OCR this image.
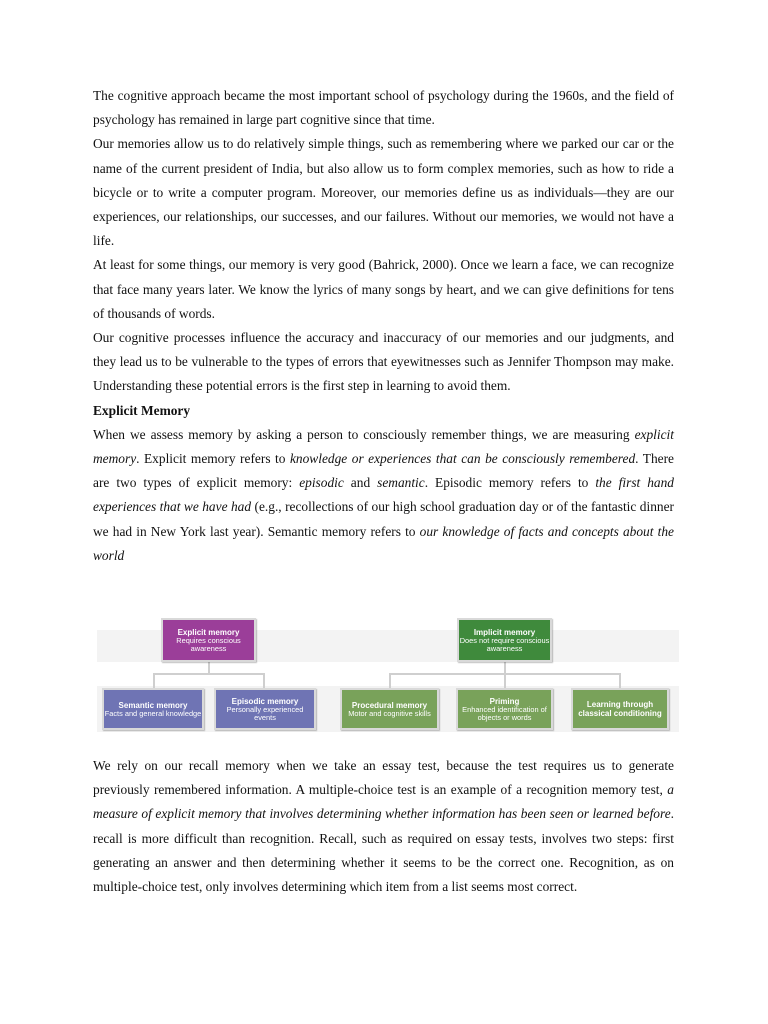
The cognitive approach became the most important school of psychology during the 1960s, and the field of psychology has remained in large part cognitive since that time.

Our memories allow us to do relatively simple things, such as remembering where we parked our car or the name of the current president of India, but also allow us to form complex memories, such as how to ride a bicycle or to write a computer program. Moreover, our memories define us as individuals—they are our experiences, our relationships, our successes, and our failures. Without our memories, we would not have a life.

At least for some things, our memory is very good (Bahrick, 2000). Once we learn a face, we can recognize that face many years later. We know the lyrics of many songs by heart, and we can give definitions for tens of thousands of words.

Our cognitive processes influence the accuracy and inaccuracy of our memories and our judgments, and they lead us to be vulnerable to the types of errors that eyewitnesses such as Jennifer Thompson may make. Understanding these potential errors is the first step in learning to avoid them.

Explicit Memory

When we assess memory by asking a person to consciously remember things, we are measuring explicit memory. Explicit memory refers to knowledge or experiences that can be consciously remembered. There are two types of explicit memory: episodic and semantic. Episodic memory refers to the first hand experiences that we have had (e.g., recollections of our high school graduation day or of the fantastic dinner we had in New York last year). Semantic memory refers to our knowledge of facts and concepts about the world

Explicit memory
Requires conscious awareness
Semantic memory
Facts and general knowledge
Episodic memory
Personally experienced events
Implicit memory
Does not require conscious awareness
Procedural memory
Motor and cognitive skills
Priming
Enhanced identification of objects or words
Learning through classical conditioning

We rely on our recall memory when we take an essay test, because the test requires us to generate previously remembered information. A multiple-choice test is an example of a recognition memory test, a measure of explicit memory that involves determining whether information has been seen or learned before. recall is more difficult than recognition. Recall, such as required on essay tests, involves two steps: first generating an answer and then determining whether it seems to be the correct one. Recognition, as on multiple-choice test, only involves determining which item from a list seems most correct.
